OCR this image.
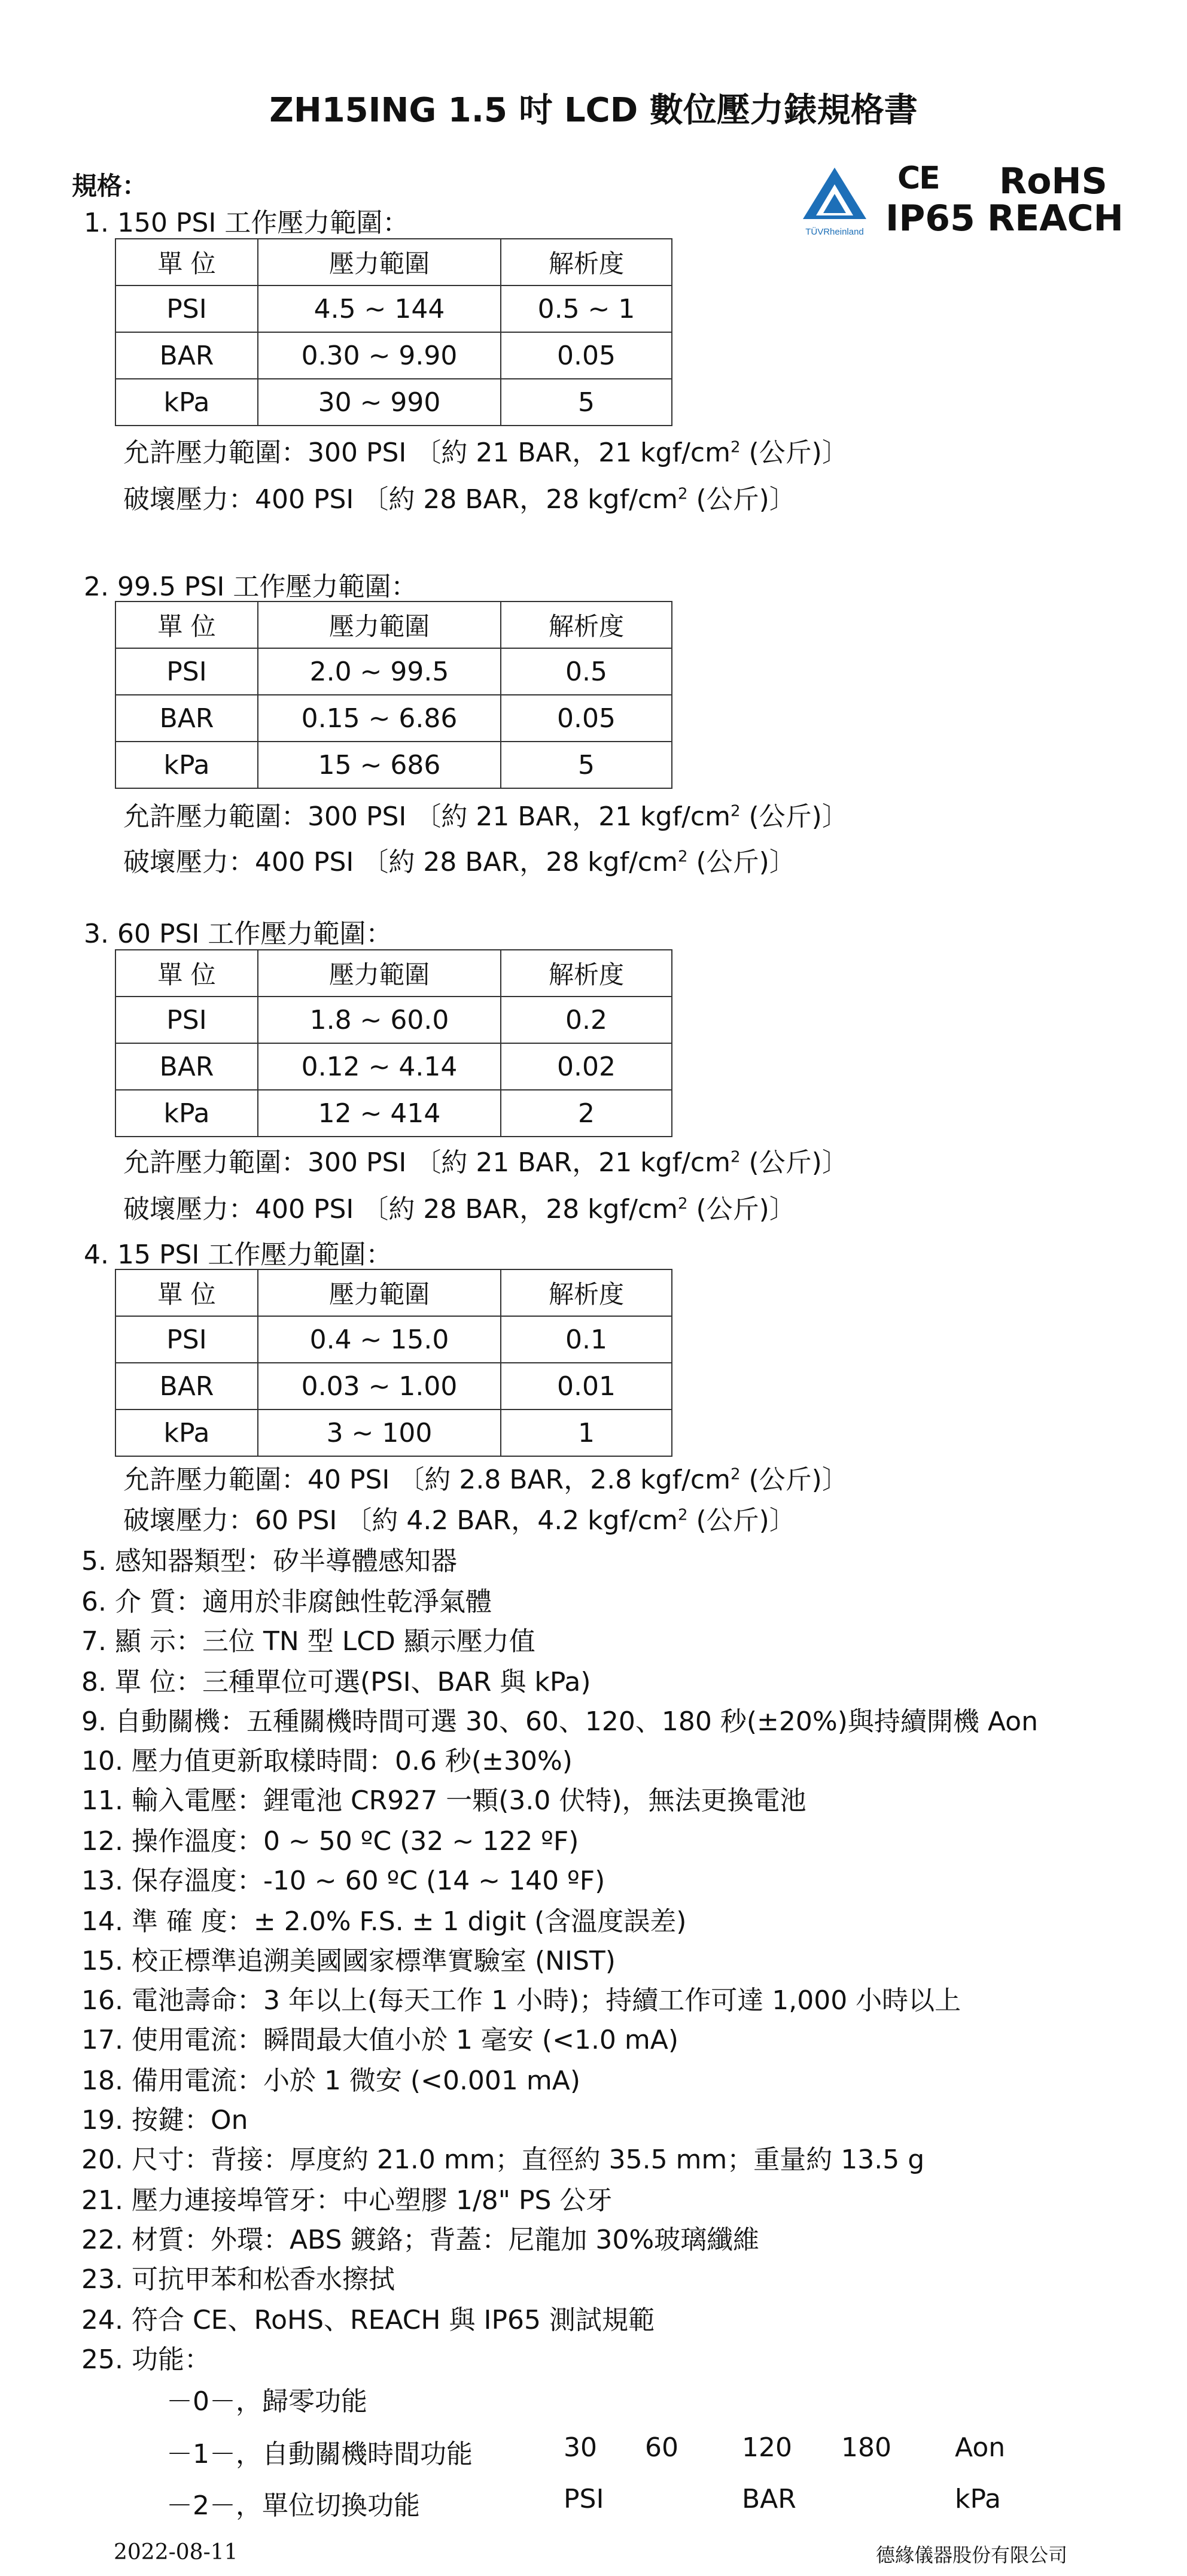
ZH15ING 1.5 吋 LCD 數位壓力錶規格書
TÜVRheinland
CE RoHS
IP65 REACH
規格：
1. 150 PSI 工作壓力範圍：
單 位	壓力範圍	解析度
PSI	4.5 ~ 144	0.5 ~ 1
BAR	0.30 ~ 9.90	0.05
kPa	30 ~ 990	5
允許壓力範圍：300 PSI 〔約 21 BAR，21 kgf/$cm^2$ (公斤)〕
破壞壓力：400 PSI 〔約 28 BAR，28 kgf/$cm^2$ (公斤)〕
2. 99.5 PSI 工作壓力範圍：
單 位	壓力範圍	解析度
PSI	2.0 ~ 99.5	0.5
BAR	0.15 ~ 6.86	0.05
kPa	15 ~ 686	5
允許壓力範圍：300 PSI 〔約 21 BAR，21 kgf/$cm^2$ (公斤)〕
破壞壓力：400 PSI 〔約 28 BAR，28 kgf/$cm^2$ (公斤)〕
3. 60 PSI 工作壓力範圍：
單 位	壓力範圍	解析度
PSI	1.8 ~ 60.0	0.2
BAR	0.12 ~ 4.14	0.02
kPa	12 ~ 414	2
允許壓力範圍：300 PSI 〔約 21 BAR，21 kgf/$cm^2$ (公斤)〕
破壞壓力：400 PSI 〔約 28 BAR，28 kgf/$cm^2$ (公斤)〕
4. 15 PSI 工作壓力範圍：
單 位	壓力範圍	解析度
PSI	0.4 ~ 15.0	0.1
BAR	0.03 ~ 1.00	0.01
kPa	3 ~ 100	1
允許壓力範圍：40 PSI 〔約 2.8 BAR，2.8 kgf/$cm^2$ (公斤)〕
破壞壓力：60 PSI 〔約 4.2 BAR，4.2 kgf/$cm^2$ (公斤)〕
5. 感知器類型：矽半導體感知器
6. 介 質：適用於非腐蝕性乾淨氣體
7. 顯 示：三位 TN 型 LCD 顯示壓力值
8. 單 位：三種單位可選(PSI、BAR 與 kPa)
9. 自動關機：五種關機時間可選 30、60、120、180 秒(±20%)與持續開機 Aon
10. 壓力值更新取樣時間：0.6 秒(±30%)
11. 輸入電壓：鋰電池 CR927 一顆(3.0 伏特)，無法更換電池
12. 操作溫度：0 ~ 50 ºC (32 ~ 122 ºF)
13. 保存溫度：-10 ~ 60 ºC (14 ~ 140 ºF)
14. 準 確 度：± 2.0% F.S. ± 1 digit (含溫度誤差)
15. 校正標準追溯美國國家標準實驗室 (NIST)
16. 電池壽命：3 年以上(每天工作 1 小時)；持續工作可達 1,000 小時以上
17. 使用電流：瞬間最大值小於 1 毫安 (<1.0 mA)
18. 備用電流：小於 1 微安 (<0.001 mA)
19. 按鍵：On
20. 尺寸：背接：厚度約 21.0 mm；直徑約 35.5 mm；重量約 13.5 g
21. 壓力連接埠管牙：中心塑膠 1/8" PS 公牙
22. 材質：外環：ABS 鍍鉻；背蓋：尼龍加 30%玻璃纖維
23. 可抗甲苯和松香水擦拭
24. 符合 CE、RoHS、REACH 與 IP65 測試規範
25. 功能：
－0－，歸零功能
－1－，自動關機時間功能	30 60 120 180 Aon
－2－，單位切換功能	PSI	BAR	kPa
2022-08-11	德緣儀器股份有限公司
